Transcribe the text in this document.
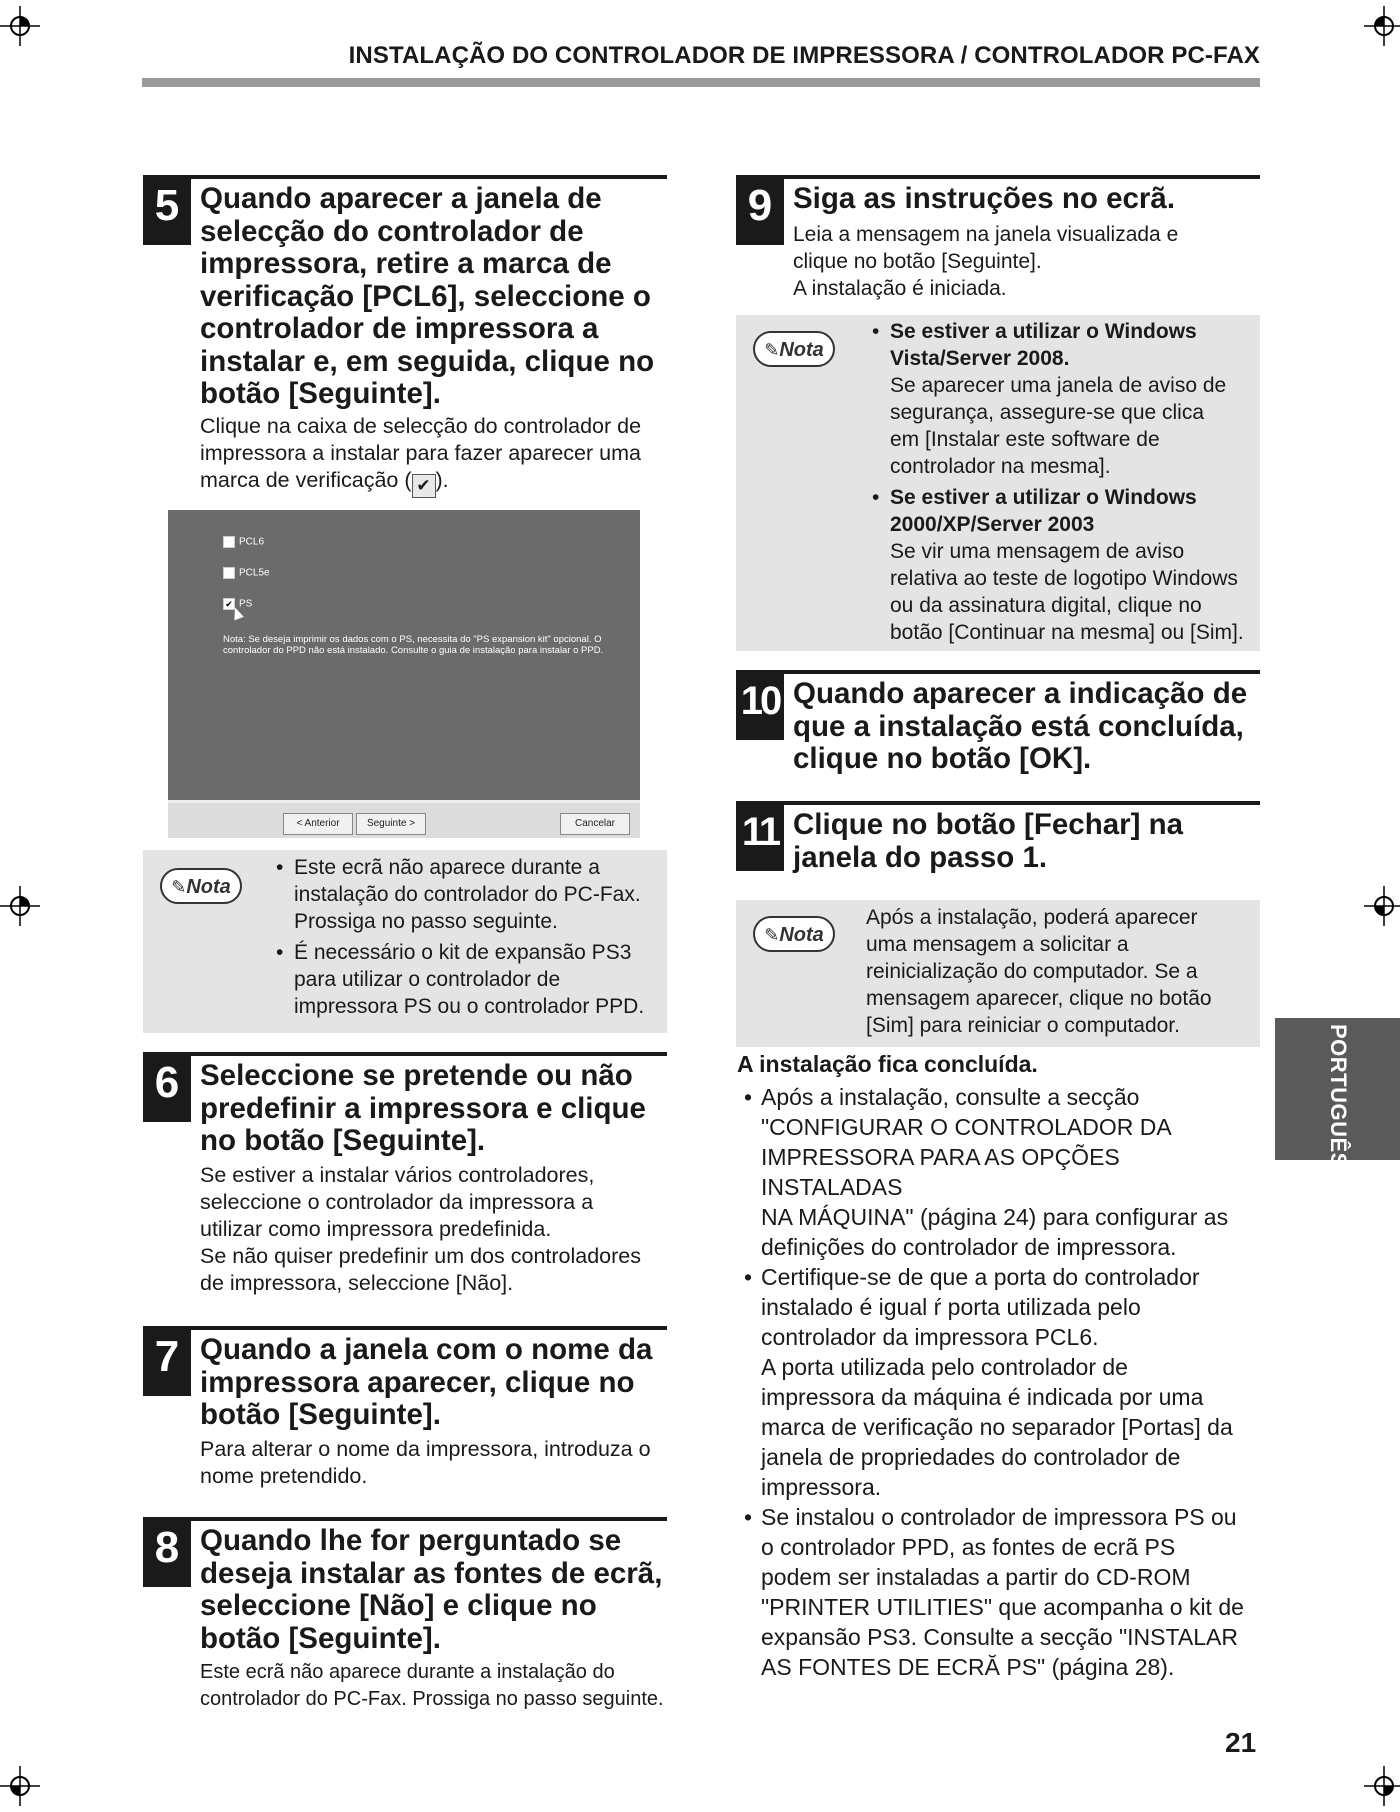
INSTALAÇÃO DO CONTROLADOR DE IMPRESSORA / CONTROLADOR PC-FAX
5 Quando aparecer a janela de
selecção do controlador de
impressora, retire a marca de
verificação [PCL6], seleccione o
controlador de impressora a
instalar e, em seguida, clique no
botão [Seguinte].
Clique na caixa de selecção do controlador de
impressora a instalar para fazer aparecer uma
marca de verificação ( ✔ ).
PCL6
PCL5e
✔ PS
Nota: Se deseja imprimir os dados com o PS, necessita do "PS expansion kit" opcional. O controlador do PPD não está instalado. Consulte o guia de instalação para instalar o PPD.
< Anterior	Seguinte >	Cancelar
✎Nota
• Este ecrã não aparece durante a
instalação do controlador do PC-Fax.
Prossiga no passo seguinte.
• É necessário o kit de expansão PS3
para utilizar o controlador de
impressora PS ou o controlador PPD.
6 Seleccione se pretende ou não
predefinir a impressora e clique
no botão [Seguinte].
Se estiver a instalar vários controladores,
seleccione o controlador da impressora a
utilizar como impressora predefinida.
Se não quiser predefinir um dos controladores
de impressora, seleccione [Não].
7 Quando a janela com o nome da
impressora aparecer, clique no
botão [Seguinte].
Para alterar o nome da impressora, introduza o
nome pretendido.
8 Quando lhe for perguntado se
deseja instalar as fontes de ecrã,
seleccione [Não] e clique no
botão [Seguinte].
Este ecrã não aparece durante a instalação do
controlador do PC-Fax. Prossiga no passo seguinte.
9 Siga as instruções no ecrã.
Leia a mensagem na janela visualizada e
clique no botão [Seguinte].
A instalação é iniciada.
✎Nota
• Se estiver a utilizar o Windows
Vista/Server 2008.
Se aparecer uma janela de aviso de
segurança, assegure-se que clica
em [Instalar este software de
controlador na mesma].
• Se estiver a utilizar o Windows
2000/XP/Server 2003
Se vir uma mensagem de aviso
relativa ao teste de logotipo Windows
ou da assinatura digital, clique no
botão [Continuar na mesma] ou [Sim].
10 Quando aparecer a indicação de
que a instalação está concluída,
clique no botão [OK].
11 Clique no botão [Fechar] na
janela do passo 1.
✎Nota
Após a instalação, poderá aparecer
uma mensagem a solicitar a
reinicialização do computador. Se a
mensagem aparecer, clique no botão
[Sim] para reiniciar o computador.
A instalação fica concluída.
• Após a instalação, consulte a secção
"CONFIGURAR O CONTROLADOR DA
IMPRESSORA PARA AS OPÇÕES INSTALADAS
NA MÁQUINA" (página 24) para configurar as
definições do controlador de impressora.
• Certifique-se de que a porta do controlador
instalado é igual ŕ porta utilizada pelo
controlador da impressora PCL6.
A porta utilizada pelo controlador de
impressora da máquina é indicada por uma
marca de verificação no separador [Portas] da
janela de propriedades do controlador de
impressora.
• Se instalou o controlador de impressora PS ou
o controlador PPD, as fontes de ecrã PS
podem ser instaladas a partir do CD-ROM
"PRINTER UTILITIES" que acompanha o kit de
expansão PS3. Consulte a secção "INSTALAR
AS FONTES DE ECRĂ PS" (página 28).
PORTUGUÊS
21
